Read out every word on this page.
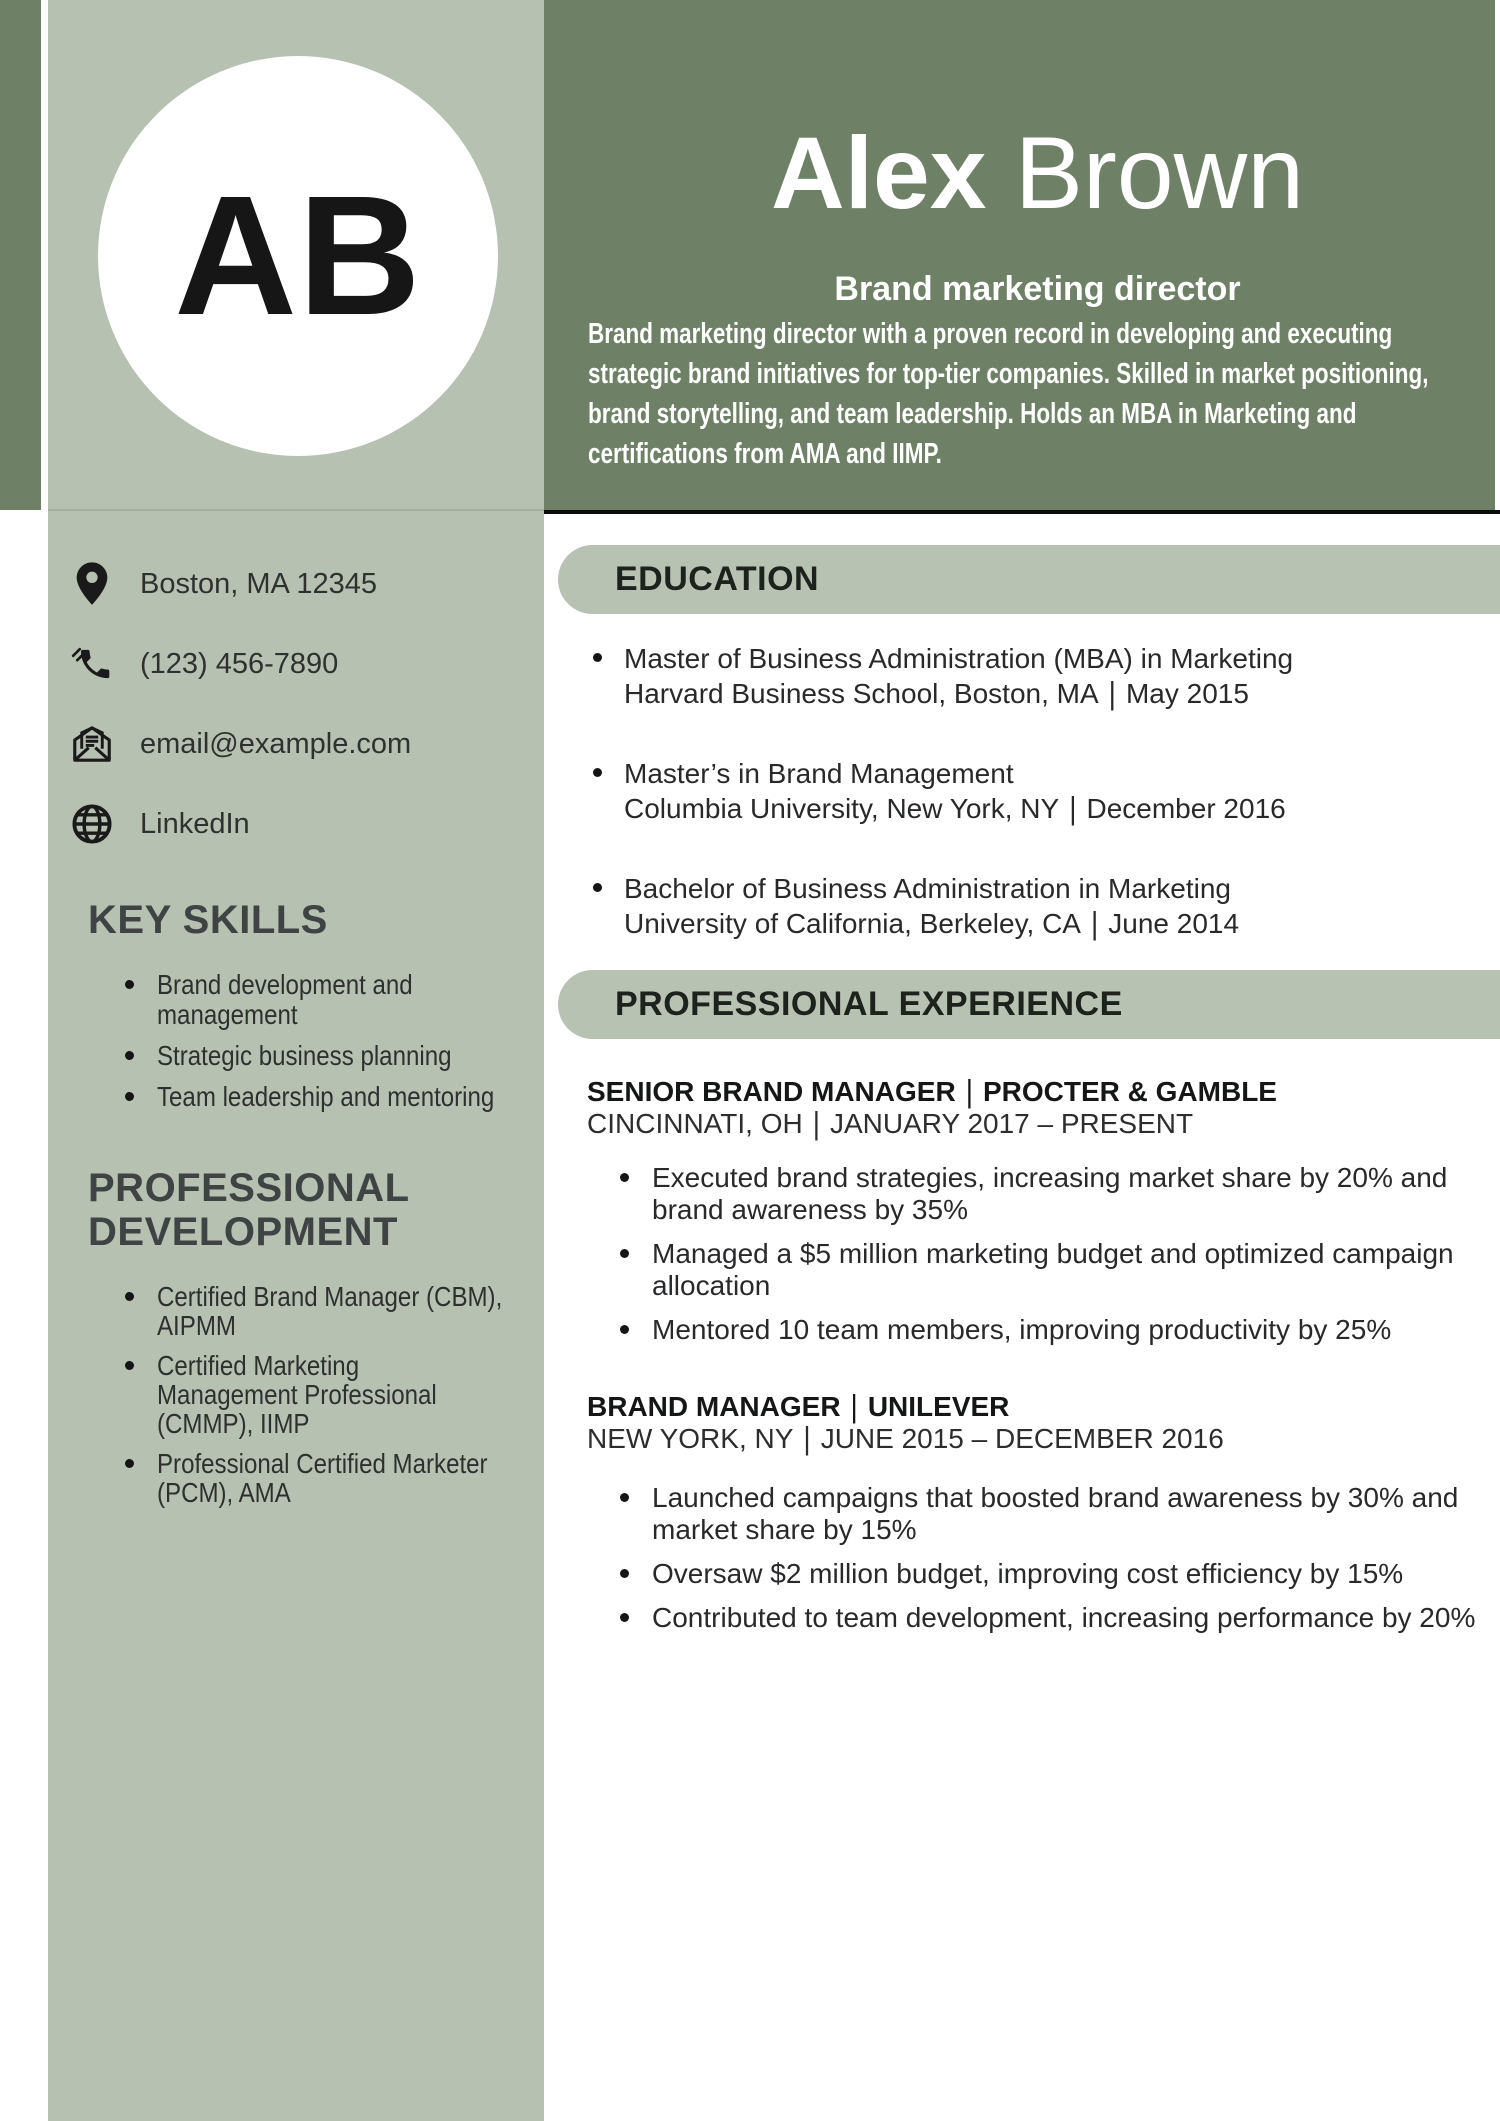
Boston, MA 12345
(123) 456-7890
email@example.com
LinkedIn
KEY SKILLS
Brand development and management
Strategic business planning
Team leadership and mentoring
PROFESSIONAL DEVELOPMENT
Certified Brand Manager (CBM), AIPMM
Certified Marketing Management Professional (CMMP), IIMP
Professional Certified Marketer (PCM), AMA
Alex Brown
Brand marketing director
Brand marketing director with a proven record in developing and executing strategic brand initiatives for top-tier companies. Skilled in market positioning, brand storytelling, and team leadership. Holds an MBA in Marketing and certifications from AMA and IIMP.
AB
EDUCATION
Master of Business Administration (MBA) in Marketing
Harvard Business School, Boston, MA | May 2015
Master’s in Brand Management
Columbia University, New York, NY | December 2016
Bachelor of Business Administration in Marketing
University of California, Berkeley, CA | June 2014
PROFESSIONAL EXPERIENCE
SENIOR BRAND MANAGER | PROCTER & GAMBLE
CINCINNATI, OH | JANUARY 2017 – PRESENT
Executed brand strategies, increasing market share by 20% and brand awareness by 35%
Managed a $5 million marketing budget and optimized campaign allocation
Mentored 10 team members, improving productivity by 25%
BRAND MANAGER | UNILEVER
NEW YORK, NY | JUNE 2015 – DECEMBER 2016
Launched campaigns that boosted brand awareness by 30% and market share by 15%
Oversaw $2 million budget, improving cost efficiency by 15%
Contributed to team development, increasing performance by 20%
